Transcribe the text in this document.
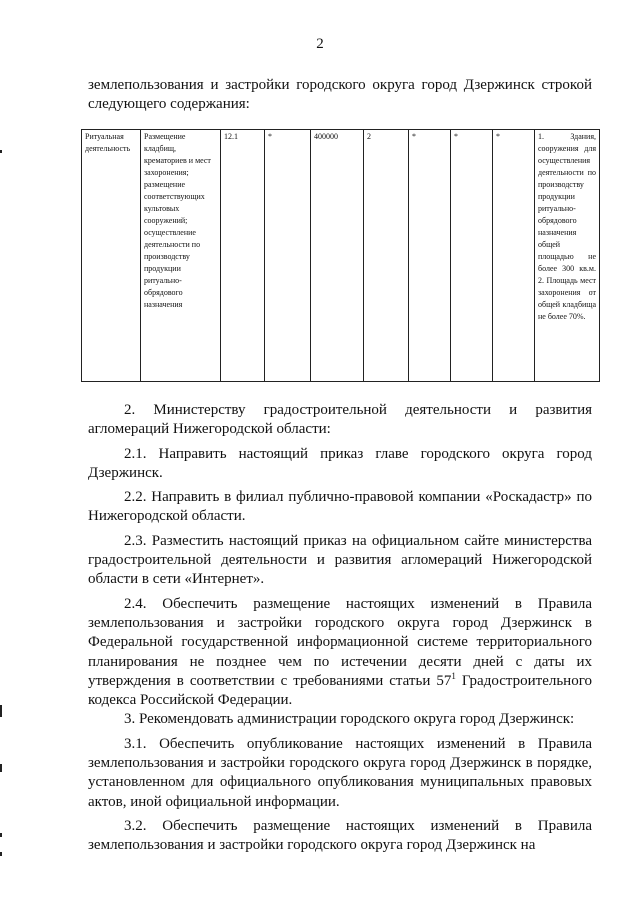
2
землепользования и застройки городского округа город Дзержинск строкой следующего содержания:
Ритуальная деятельность	Размещение кладбищ, крематориев и мест захоронения; размещение соответствующих культовых сооружений; осуществление деятельности по производству продукции ритуально-обрядового назначения	12.1	*	400000	2	*	*	*	1. Здания, сооружения для осуществления деятельности по производству продукции ритуально-обрядового назначения общей площадью не более 300 кв.м. 2. Площадь мест захоронения от общей кладбища не более 70%.

2. Министерству градостроительной деятельности и развития агломераций Нижегородской области:

2.1. Направить настоящий приказ главе городского округа город Дзержинск.

2.2. Направить в филиал публично-правовой компании «Роскадастр» по Нижегородской области.

2.3. Разместить настоящий приказ на официальном сайте министерства градостроительной деятельности и развития агломераций Нижегородской области в сети «Интернет».

2.4. Обеспечить размещение настоящих изменений в Правила землепользования и застройки городского округа город Дзержинск в Федеральной государственной информационной системе территориального планирования не позднее чем по истечении десяти дней с даты их утверждения в соответствии с требованиями статьи $57^1$ Градостроительного кодекса Российской Федерации.

3. Рекомендовать администрации городского округа город Дзержинск:

3.1. Обеспечить опубликование настоящих изменений в Правила землепользования и застройки городского округа город Дзержинск в порядке, установленном для официального опубликования муниципальных правовых актов, иной официальной информации.

3.2. Обеспечить размещение настоящих изменений в Правила землепользования и застройки городского округа город Дзержинск на
